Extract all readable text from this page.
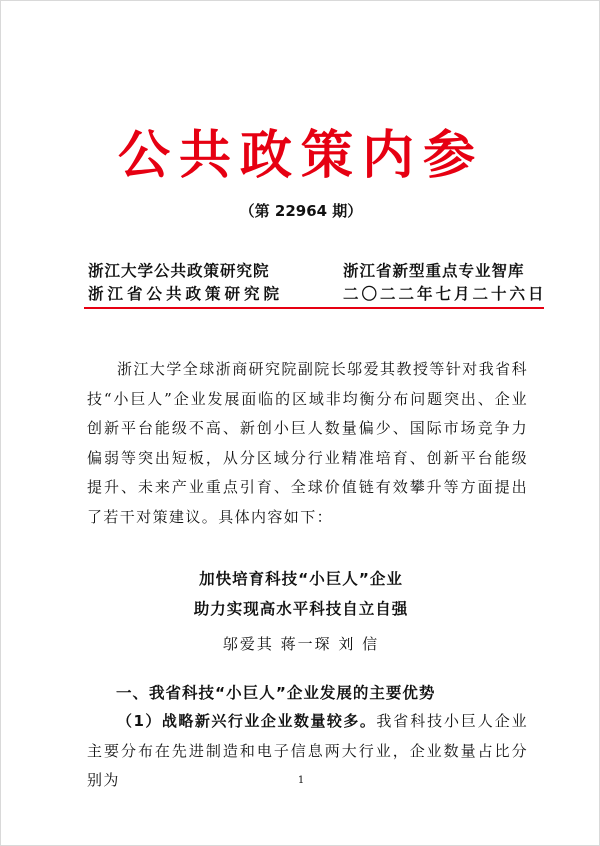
公共政策内参
（第 22964 期）
浙江大学公共政策研究院
浙江省公共政策研究院
浙江省新型重点专业智库
二〇二二年七月二十六日

浙江大学全球浙商研究院副院长邬爱其教授等针对我省科技“小巨人”企业发展面临的区域非均衡分布问题突出、企业创新平台能级不高、新创小巨人数量偏少、国际市场竞争力偏弱等突出短板，从分区域分行业精准培育、创新平台能级提升、未来产业重点引育、全球价值链有效攀升等方面提出了若干对策建议。具体内容如下：

加快培育科技“小巨人”企业
助力实现高水平科技自立自强
邬爱其 蒋一琛 刘 信
一、我省科技“小巨人”企业发展的主要优势

（1）战略新兴行业企业数量较多。我省科技小巨人企业主要分布在先进制造和电子信息两大行业，企业数量占比分别为	1
